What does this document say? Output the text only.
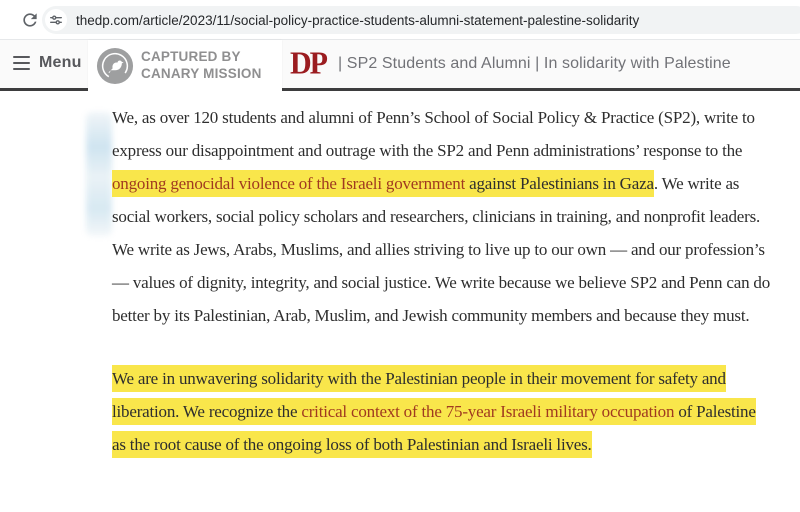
thedp.com/article/2023/11/social-policy-practice-students-alumni-statement-palestine-solidarity
Menu	CAPTURED BY
CANARY MISSION DP | SP2 Students and Alumni | In solidarity with Palestine

We, as over 120 students and alumni of Penn’s School of Social Policy & Practice (SP2), write to express our disappointment and outrage with the SP2 and Penn administrations’ response to the ongoing genocidal violence of the Israeli government against Palestinians in Gaza. We write as social workers, social policy scholars and researchers, clinicians in training, and nonprofit leaders. We write as Jews, Arabs, Muslims, and allies striving to live up to our own — and our profession’s — values of dignity, integrity, and social justice. We write because we believe SP2 and Penn can do better by its Palestinian, Arab, Muslim, and Jewish community members and because they must.

We are in unwavering solidarity with the Palestinian people in their movement for safety and liberation. We recognize the critical context of the 75-year Israeli military occupation of Palestine as the root cause of the ongoing loss of both Palestinian and Israeli lives.
